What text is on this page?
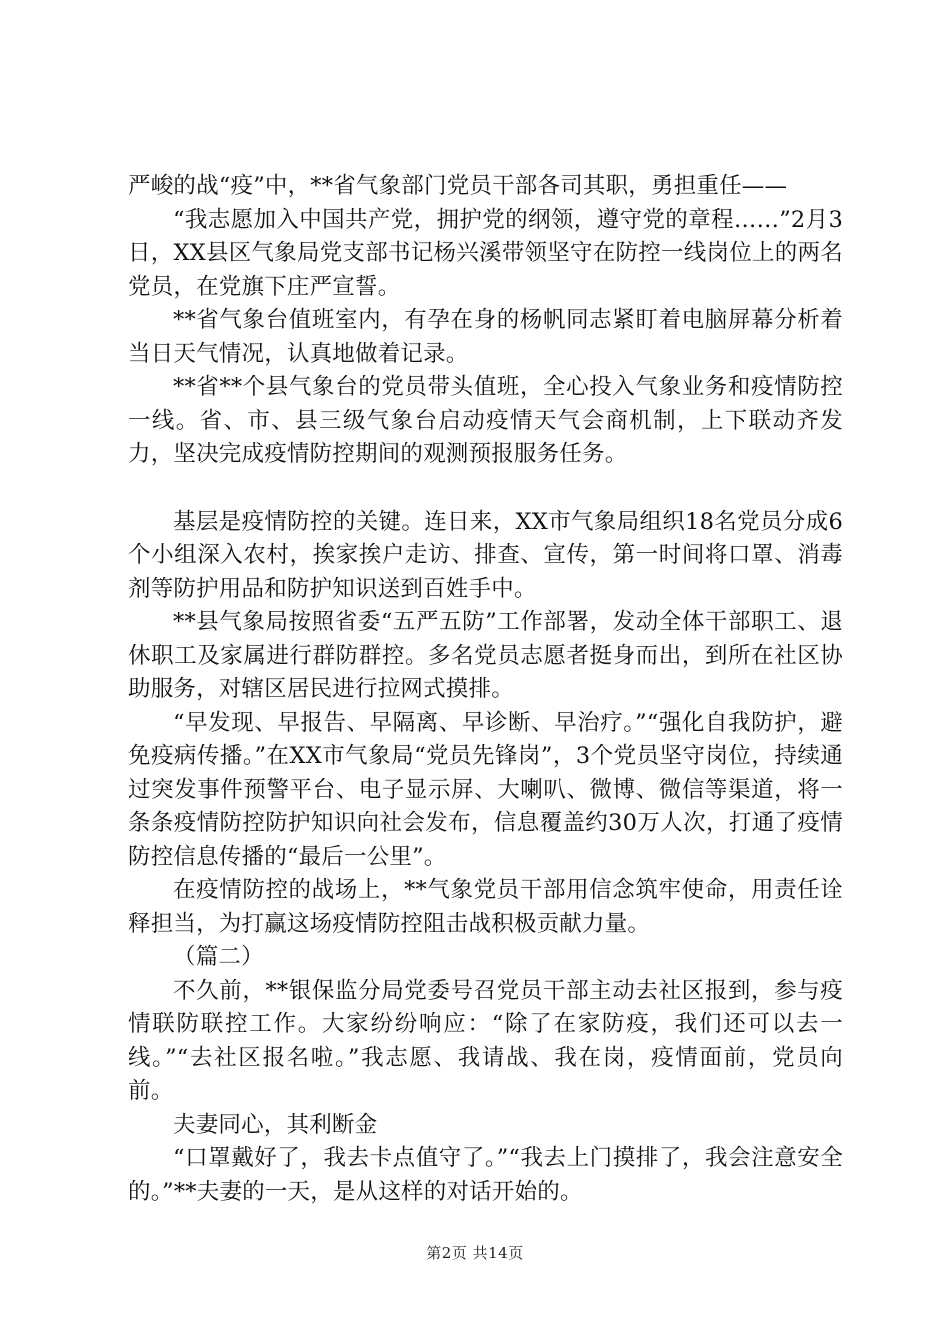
严峻的战“疫”中，**省气象部门党员干部各司其职，勇担重任——

“我志愿加入中国共产党，拥护党的纲领，遵守党的章程……”2月3日，XX县区气象局党支部书记杨兴溪带领坚守在防控一线岗位上的两名党员，在党旗下庄严宣誓。

**省气象台值班室内，有孕在身的杨帆同志紧盯着电脑屏幕分析着当日天气情况，认真地做着记录。

**省**个县气象台的党员带头值班，全心投入气象业务和疫情防控一线。省、市、县三级气象台启动疫情天气会商机制，上下联动齐发力，坚决完成疫情防控期间的观测预报服务任务。

基层是疫情防控的关键。连日来，XX市气象局组织18名党员分成6个小组深入农村，挨家挨户走访、排查、宣传，第一时间将口罩、消毒剂等防护用品和防护知识送到百姓手中。

**县气象局按照省委“五严五防”工作部署，发动全体干部职工、退休职工及家属进行群防群控。多名党员志愿者挺身而出，到所在社区协助服务，对辖区居民进行拉网式摸排。

“早发现、早报告、早隔离、早诊断、早治疗。”“强化自我防护，避免疫病传播。”在XX市气象局“党员先锋岗”，3个党员坚守岗位，持续通过突发事件预警平台、电子显示屏、大喇叭、微博、微信等渠道，将一条条疫情防控防护知识向社会发布，信息覆盖约30万人次，打通了疫情防控信息传播的“最后一公里”。

在疫情防控的战场上，**气象党员干部用信念筑牢使命，用责任诠释担当，为打赢这场疫情防控阻击战积极贡献力量。

（篇二）

不久前，**银保监分局党委号召党员干部主动去社区报到，参与疫情联防联控工作。大家纷纷响应：“除了在家防疫，我们还可以去一线。”“去社区报名啦。”我志愿、我请战、我在岗，疫情面前，党员向前。

夫妻同心，其利断金

“口罩戴好了，我去卡点值守了。”“我去上门摸排了，我会注意安全的。”**夫妻的一天，是从这样的对话开始的。

第2页 共14页
